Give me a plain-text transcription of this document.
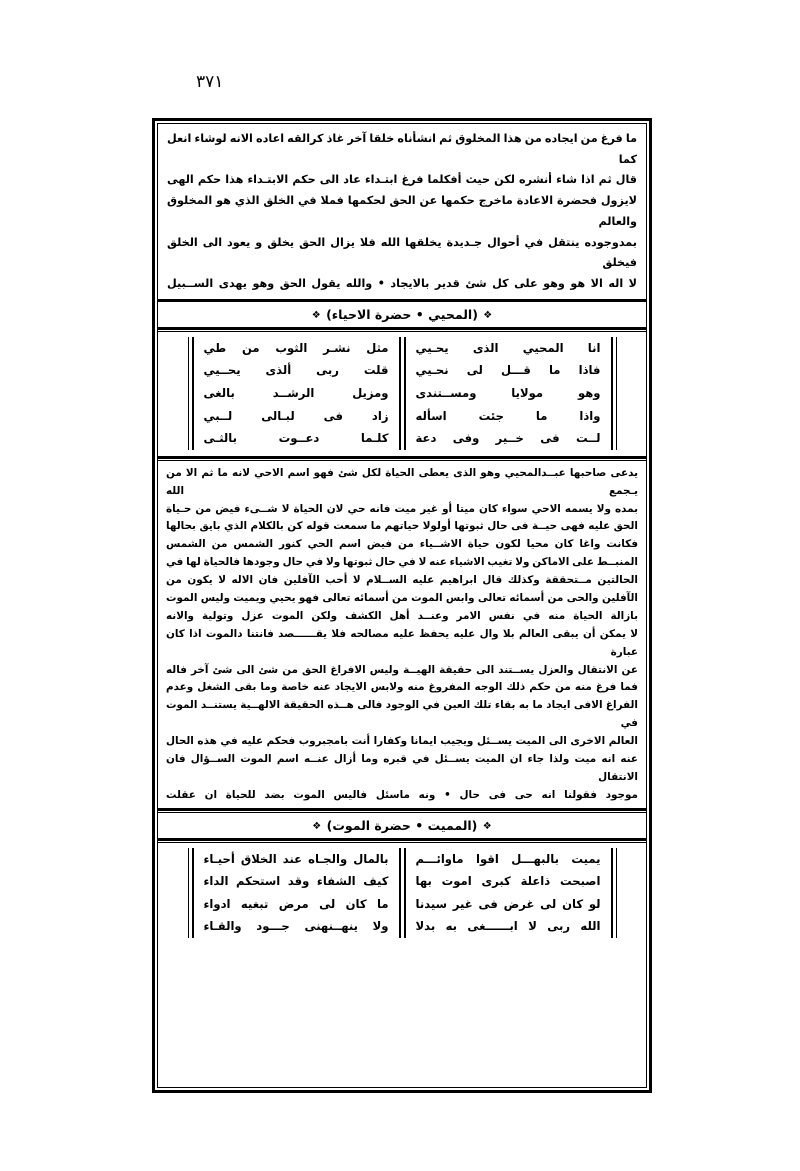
٣٧١

ما فرغ من ايجاده من هذا المخلوق ثم انشأناه خلقا آخر غاذ كرالقه اعاده الانه لوشاء انعل كما

قال ثم اذا شاء أنشره لكن حيث أفكلما فرغ ابتـداء عاد الى حكم الابتـداء هذا حكم الهى

لايزول فحضرة الاعادة ماخرج حكمها عن الحق لحكمها فملا في الخلق الذي هو المخلوق والعالم

بمدوجوده ينتقل في أحوال جـديدة يخلقها الله فلا يزال الحق يخلق و يعود الى الخلق فيخلق

لا اله الا هو وهو على كل شئ قدير بالايجاد • والله يقول الحق وهو يهدى الســبيل

❖ (المحيي • حضرة الاحياء) ❖
انا المحيي الذى يحـيي
فاذا ما قـــل لى نحـيي
وهو مولايا ومســتندى
واذا ما جئت اسأله
لــت فى خــير وفى دعة
مثل نشـر الثوب من طي
قلت ربى ألذى يحــيي
ومزيل الرشــد بالغى
زاد فى لبـالى لــبي
كلـما دعــوت بالثـى

يدعى صاحبها عبــدالمحيي وهو الذى يعطى الحياة لكل شئ فهو اسم الاحي لانه ما ثم الا من يـجمع الله

بمده ولا يسمه الاحي سواء كان ميتا أو غير ميت فانه حي لان الحياة لا شــىء فيض من حـياة

الحق عليه فهى حيــة فى حال ثبوتها أولولا حياتهم ما سمعت قوله كن بالكلام الذي بايق بحالها

فكانت واغا كان محيا لكون حياة الاشــياء من فيض اسم الحي كنور الشمس من الشمس

المنبــط على الاماكن ولا تغيب الاشياء عنه لا في حال ثبوتها ولا في حال وجودها فالحياة لها في

الحالتين مــتحققة وكذلك قال ابراهيم عليه الســلام لا أحب الآفلين فان الاله لا يكون من

الآفلين والحى من أسمائه تعالى وابس الموت من أسمائه تعالى فهو يحيي ويميت وليس الموت

بازالة الحياة منه في نفس الامر وعنــد أهل الكشف ولكن الموت عزل وتولية والانه

لا يمكن أن يبقى العالم بلا وال عليه يحفظ عليه مصالحه فلا يقــــــصد فانتنا دالموت اذا كان عبارة

عن الانتقال والعزل يســتند الى حقيقة الهيــة وليس الافراغ الحق من شئ الى شئ آخر فاله

فما فرغ منه من حكم ذلك الوجه المفروغ منه ولابس الايجاد عنه خاصة وما بقى الشغل وعدم

الفراغ الافى ايجاد ما به بقاء تلك العين في الوجود فالى هــذه الحقيقة الالهــية يستنــد الموت في

العالم الاخرى الى الميت يســئل ويجيب ايمانا وكفارا أنت بامجبروب فحكم عليه في هذه الحال

عنه انه ميت ولذا جاء ان الميت يســئل في قبره وما أزال عنــه اسم الموت الســؤال فان الانتقال

موجود فقولنا انه حى فى حال • ونه ماسئل فاليس الموت بضد للحياة ان عقلت

❖ (المميت • حضرة الموت) ❖
يميت بالبهـــل اقوا ماوائـــم
اصبحت ذاعلة كبرى اموت بها
لو كان لى غرض فى غير سيدنا
الله ربى لا ابــــــغى به بدلا
بالمال والجـاه عند الخلاق أحيـاء
كيف الشفاء وقد استحكم الداء
ما كان لى مرض تبغيه ادواء
ولا ينهــنهنى جـــود والقـاء
